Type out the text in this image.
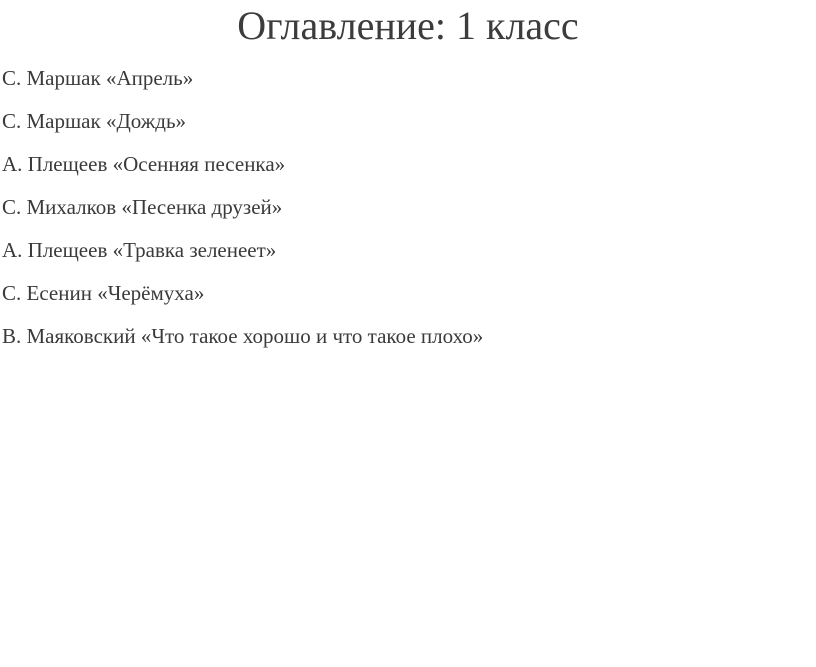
Оглавление: 1 класс
С. Маршак «Апрель»
С. Маршак «Дождь»
А. Плещеев «Осенняя песенка»
С. Михалков «Песенка друзей»
А. Плещеев «Травка зеленеет»
С. Есенин «Черёмуха»
В. Маяковский «Что такое хорошо и что такое плохо»
